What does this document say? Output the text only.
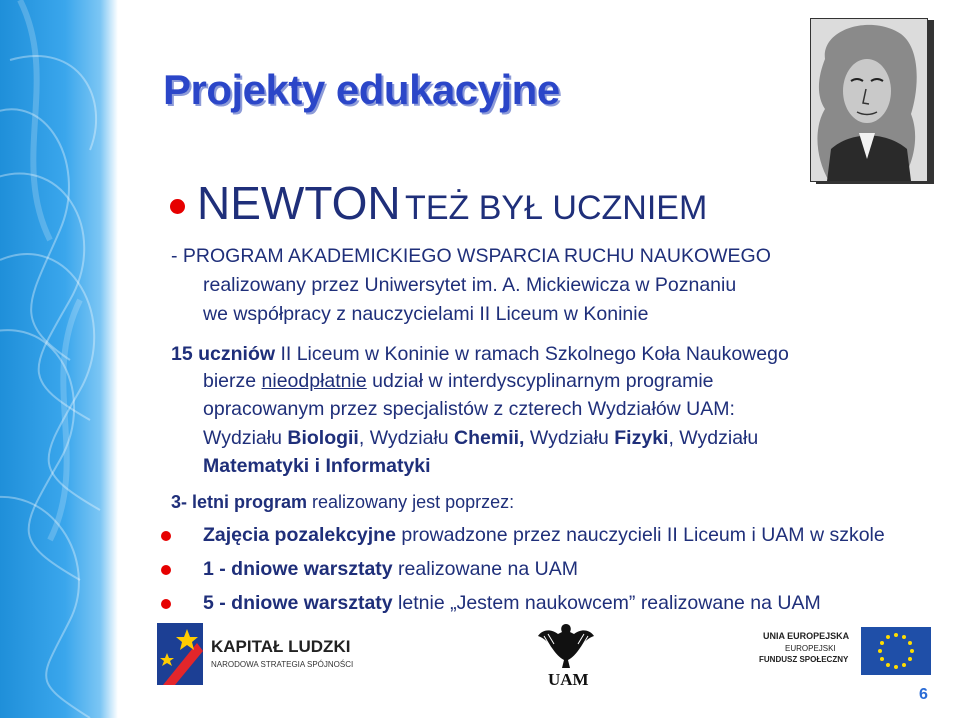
Projekty edukacyjne
NEWTON TEŻ BYŁ UCZNIEM
- PROGRAM AKADEMICKIEGO WSPARCIA RUCHU NAUKOWEGO
realizowany przez Uniwersytet im. A. Mickiewicza w Poznaniu
we współpracy z nauczycielami II Liceum w Koninie
15 uczniów II Liceum w Koninie w ramach Szkolnego Koła Naukowego
bierze nieodpłatnie udział w interdyscyplinarnym programie
opracowanym przez specjalistów z czterech Wydziałów UAM:
Wydziału Biologii, Wydziału Chemii, Wydziału Fizyki, Wydziału
Matematyki i Informatyki
3- letni program realizowany jest poprzez:
Zajęcia pozalekcyjne prowadzone przez nauczycieli II Liceum i UAM w szkole
1 - dniowe warsztaty realizowane na UAM
5 - dniowe warsztaty letnie „Jestem naukowcem” realizowane na UAM
KAPITAŁ LUDZKI
NARODOWA STRATEGIA SPÓJNOŚCI
UAM
UNIA EUROPEJSKA
EUROPEJSKI
FUNDUSZ SPOŁECZNY
6
